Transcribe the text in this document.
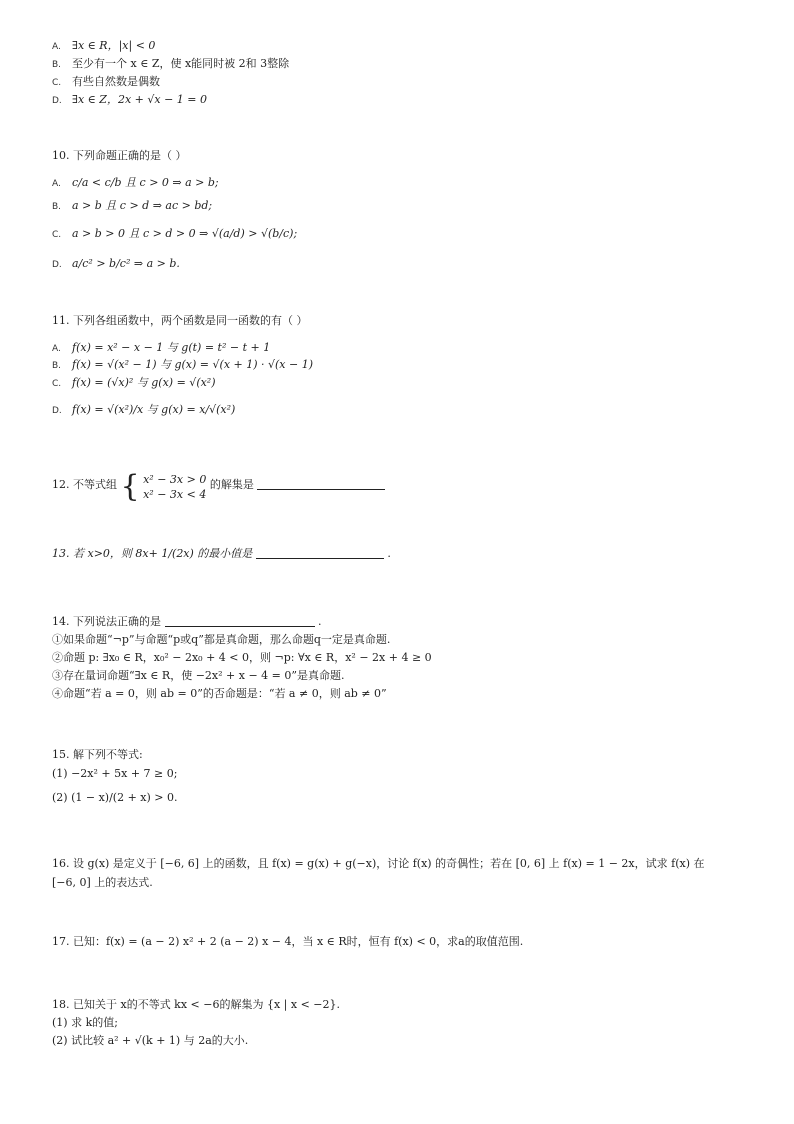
A. ∃x ∈ R，|x| < 0
B. 至少有一个 x ∈ Z，使 x能同时被 2和 3整除
C. 有些自然数是偶数
D. ∃x ∈ Z，2x + √x − 1 = 0
10. 下列命题正确的是（ ）
A. c/a < c/b 且 c > 0 ⇒ a > b;
B. a > b 且 c > d ⇒ ac > bd;
C. a > b > 0 且 c > d > 0 ⇒ √(a/d) > √(b/c);
D. a/c² > b/c² ⇒ a > b.
11. 下列各组函数中，两个函数是同一函数的有（ ）
A. f(x) = x² − x − 1 与 g(t) = t² − t + 1
B. f(x) = √(x² − 1) 与 g(x) = √(x + 1) · √(x − 1)
C. f(x) = (√x)² 与 g(x) = √(x²)
D. f(x) = √(x²)/x 与 g(x) = x/√(x²)
12. 不等式组 { x² − 3x > 0
x² − 3x < 4
的解集是
13. 若 x>0，则 8x+ 1/(2x) 的最小值是	.
14. 下列说法正确的是	.
①如果命题“¬p”与命题“p或q”都是真命题，那么命题q一定是真命题.
②命题 p: ∃x₀ ∈ R，x₀² − 2x₀ + 4 < 0，则 ¬p: ∀x ∈ R，x² − 2x + 4 ≥ 0
③存在量词命题“∃x ∈ R，使 −2x² + x − 4 = 0”是真命题.
④命题“若 a = 0，则 ab = 0”的否命题是：“若 a ≠ 0，则 ab ≠ 0”
15. 解下列不等式:
(1) −2x² + 5x + 7 ≥ 0;
(2) (1 − x)/(2 + x) > 0.
16. 设 g(x) 是定义于 [−6, 6] 上的函数，且 f(x) = g(x) + g(−x)，讨论 f(x) 的奇偶性；若在 [0, 6] 上 f(x) = 1 − 2x，试求 f(x) 在
[−6, 0] 上的表达式.
17. 已知：f(x) = (a − 2) x² + 2 (a − 2) x − 4，当 x ∈ R时，恒有 f(x) < 0，求a的取值范围.
18. 已知关于 x的不等式 kx < −6的解集为 {x | x < −2}.
(1) 求 k的值;
(2) 试比较 a² + √(k + 1) 与 2a的大小.
